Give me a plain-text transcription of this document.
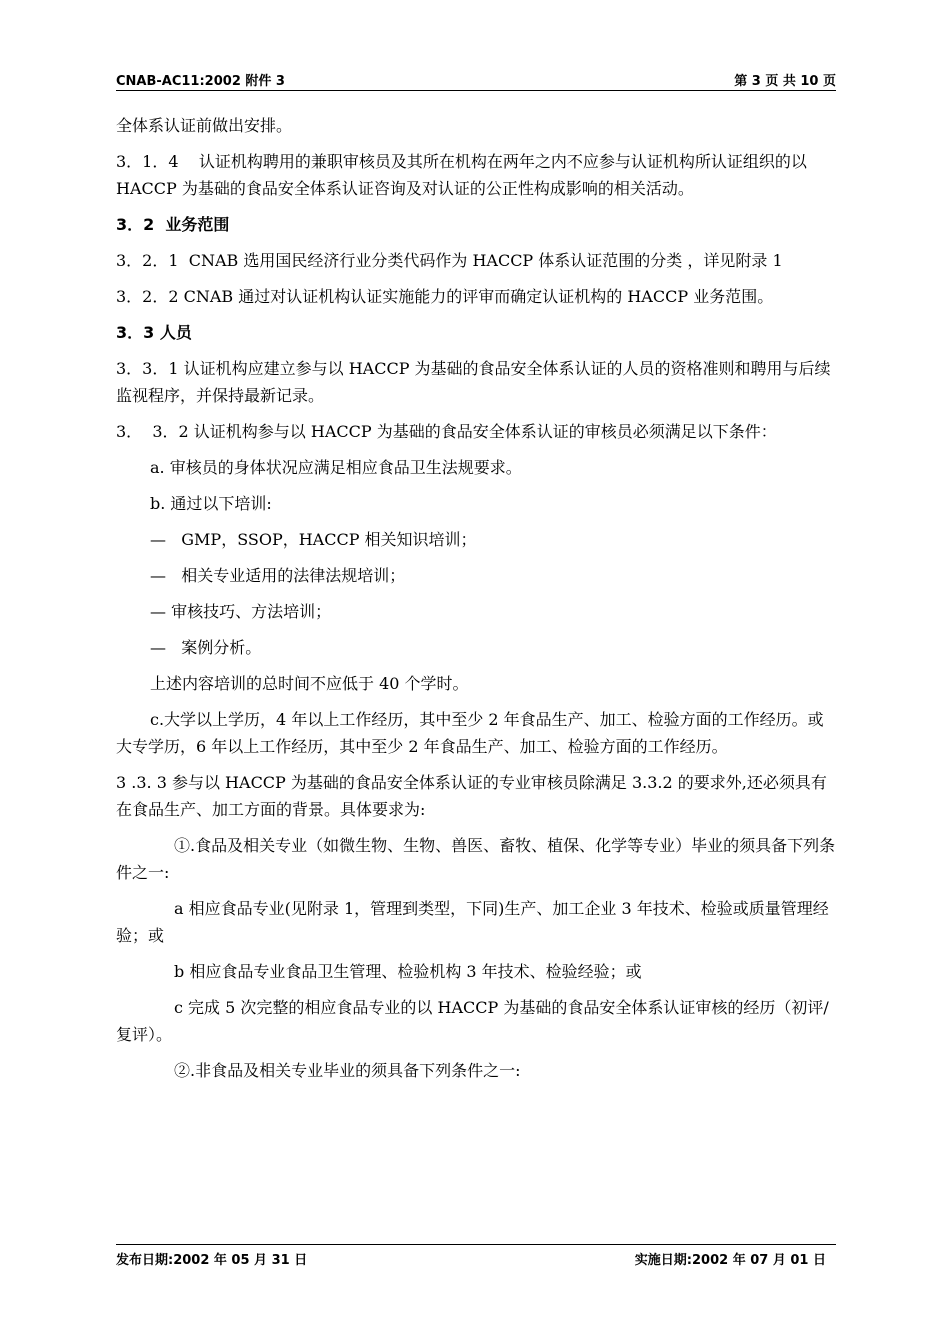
CNAB-AC11:2002 附件 3	第 3 页 共 10 页

全体系认证前做出安排。

3．1．4    认证机构聘用的兼职审核员及其所在机构在两年之内不应参与认证机构所认证组织的以 HACCP 为基础的食品安全体系认证咨询及对认证的公正性构成影响的相关活动。

3．2  业务范围

3．2．1  CNAB 选用国民经济行业分类代码作为 HACCP 体系认证范围的分类 ，详见附录 1

3．2．2 CNAB 通过对认证机构认证实施能力的评审而确定认证机构的 HACCP 业务范围。

3．3 人员

3．3．1 认证机构应建立参与以 HACCP 为基础的食品安全体系认证的人员的资格准则和聘用与后续监视程序，并保持最新记录。

3．  3．2 认证机构参与以 HACCP 为基础的食品安全体系认证的审核员必须满足以下条件：

a. 审核员的身体状况应满足相应食品卫生法规要求。

b. 通过以下培训:

—   GMP，SSOP，HACCP 相关知识培训；

—   相关专业适用的法律法规培训；

— 审核技巧、方法培训；

—   案例分析。

上述内容培训的总时间不应低于 40 个学时。

c.大学以上学历，4 年以上工作经历，其中至少 2 年食品生产、加工、检验方面的工作经历。或大专学历，6 年以上工作经历，其中至少 2 年食品生产、加工、检验方面的工作经历。

3 .3. 3 参与以 HACCP 为基础的食品安全体系认证的专业审核员除满足 3.3.2 的要求外,还必须具有在食品生产、加工方面的背景。具体要求为:

①.食品及相关专业（如微生物、生物、兽医、畜牧、植保、化学等专业）毕业的须具备下列条件之一:

a 相应食品专业(见附录 1，管理到类型，下同)生产、加工企业 3 年技术、检验或质量管理经验；或

b 相应食品专业食品卫生管理、检验机构 3 年技术、检验经验；或

c 完成 5 次完整的相应食品专业的以 HACCP 为基础的食品安全体系认证审核的经历（初评/复评）。

②.非食品及相关专业毕业的须具备下列条件之一:

发布日期:2002 年 05 月 31 日	实施日期:2002 年 07 月 01 日
